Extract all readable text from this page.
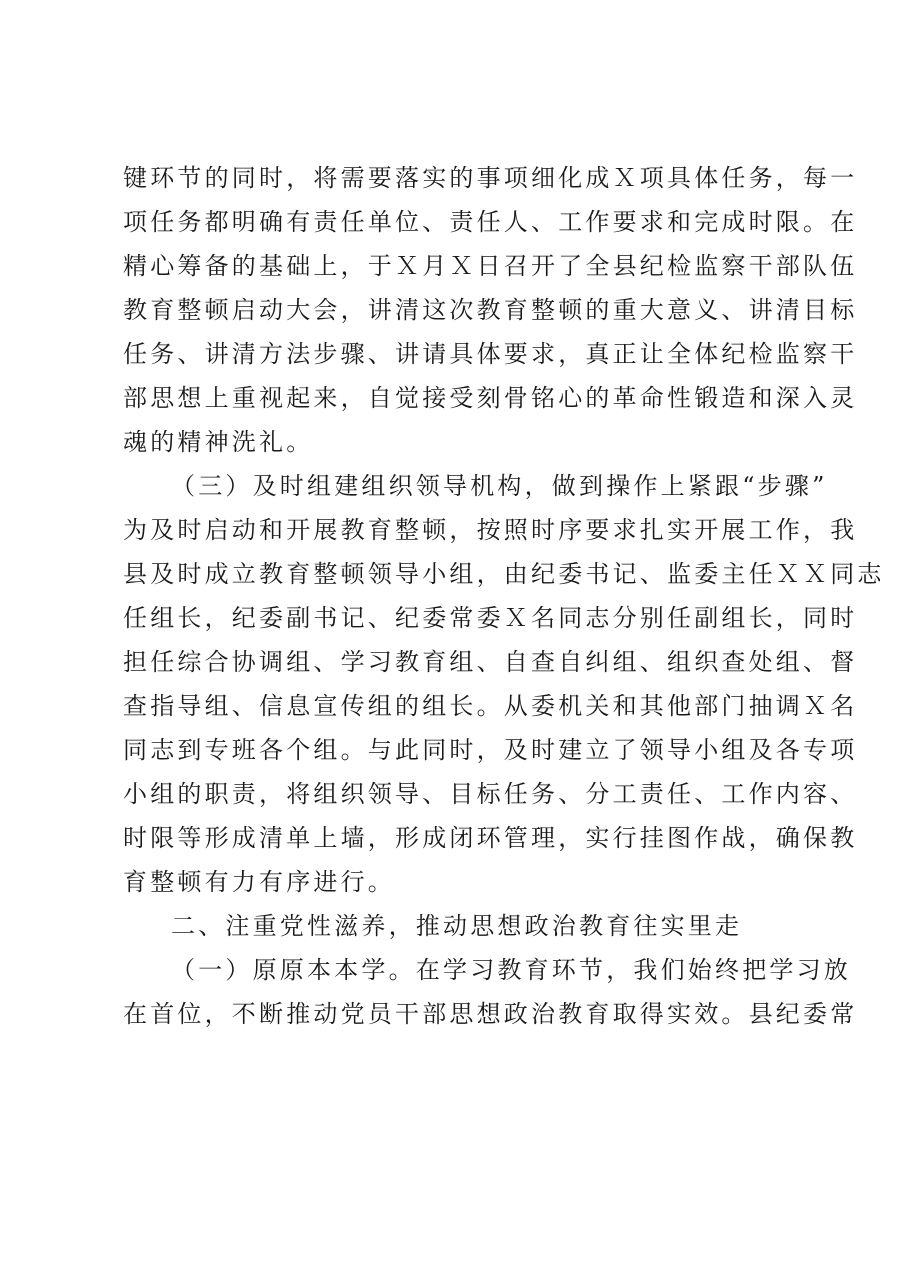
键环节的同时，将需要落实的事项细化成Ｘ项具体任务，每一
项任务都明确有责任单位、责任人、工作要求和完成时限。在
精心筹备的基础上，于Ｘ月Ｘ日召开了全县纪检监察干部队伍
教育整顿启动大会，讲清这次教育整顿的重大意义、讲清目标
任务、讲清方法步骤、讲请具体要求，真正让全体纪检监察干
部思想上重视起来，自觉接受刻骨铭心的革命性锻造和深入灵
魂的精神洗礼。
（三）及时组建组织领导机构，做到操作上紧跟“步骤”
为及时启动和开展教育整顿，按照时序要求扎实开展工作，我
县及时成立教育整顿领导小组，由纪委书记、监委主任ＸＸ同志
任组长，纪委副书记、纪委常委Ｘ名同志分别任副组长，同时
担任综合协调组、学习教育组、自查自纠组、组织查处组、督
查指导组、信息宣传组的组长。从委机关和其他部门抽调Ｘ名
同志到专班各个组。与此同时，及时建立了领导小组及各专项
小组的职责，将组织领导、目标任务、分工责任、工作内容、
时限等形成清单上墙，形成闭环管理，实行挂图作战，确保教
育整顿有力有序进行。
二、注重党性滋养，推动思想政治教育往实里走
（一）原原本本学。在学习教育环节，我们始终把学习放
在首位，不断推动党员干部思想政治教育取得实效。县纪委常
